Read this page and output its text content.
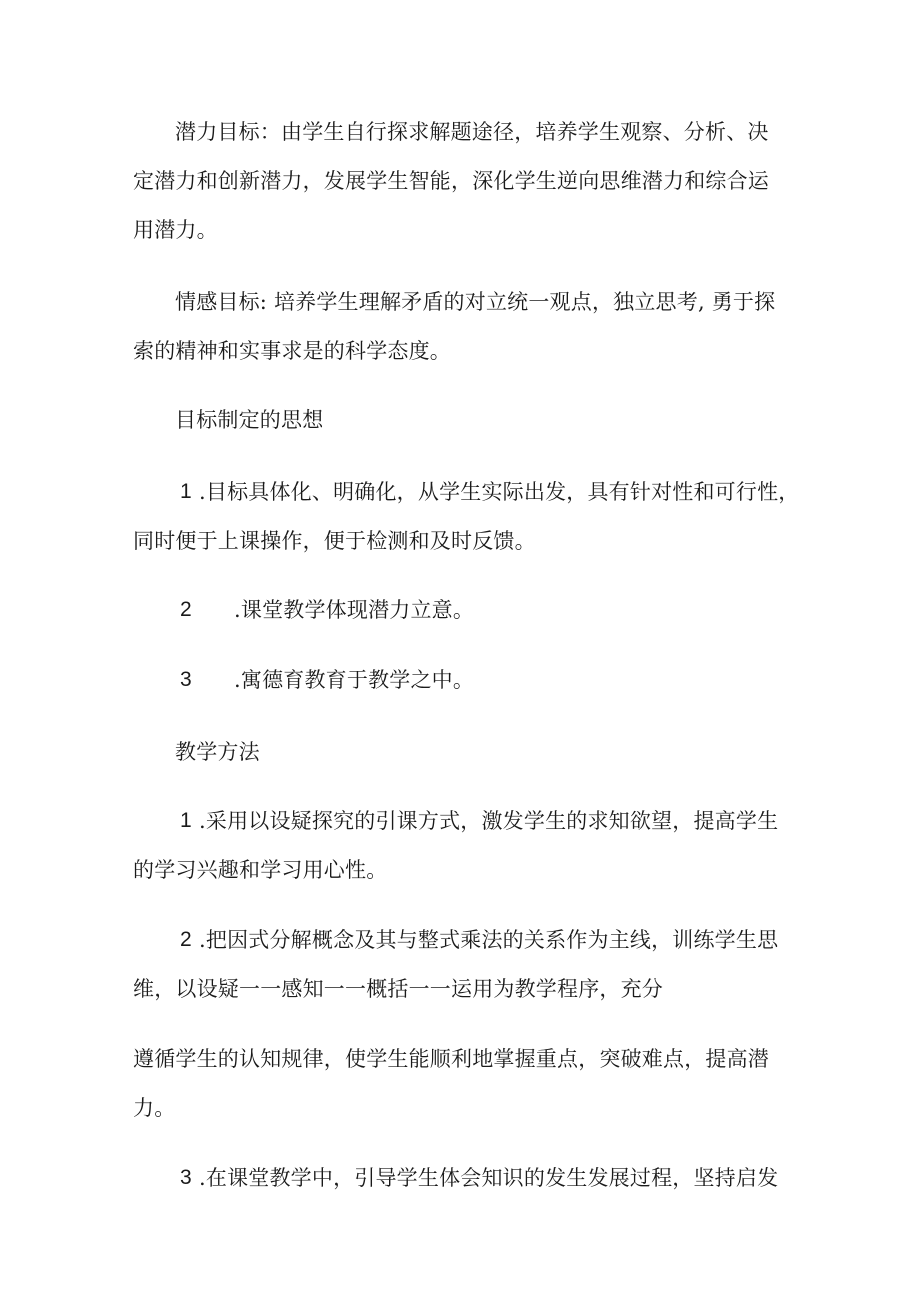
潜力目标：由学生自行探求解题途径，培养学生观察、分析、决
定潜力和创新潜力，发展学生智能，深化学生逆向思维潜力和综合运
用潜力。
情感目标: 培养学生理解矛盾的对立统一观点，独立思考, 勇于探
索的精神和实事求是的科学态度。
目标制定的思想
1 .目标具体化、明确化，从学生实际出发，具有针对性和可行性，
同时便于上课操作，便于检测和及时反馈。
2 .课堂教学体现潜力立意。
3 .寓德育教育于教学之中。
教学方法
1 .采用以设疑探究的引课方式，激发学生的求知欲望，提高学生
的学习兴趣和学习用心性。
2 .把因式分解概念及其与整式乘法的关系作为主线，训练学生思
维，以设疑一一感知一一概括一一运用为教学程序，充分
遵循学生的认知规律，使学生能顺利地掌握重点，突破难点，提高潜
力。
3 .在课堂教学中，引导学生体会知识的发生发展过程，坚持启发
